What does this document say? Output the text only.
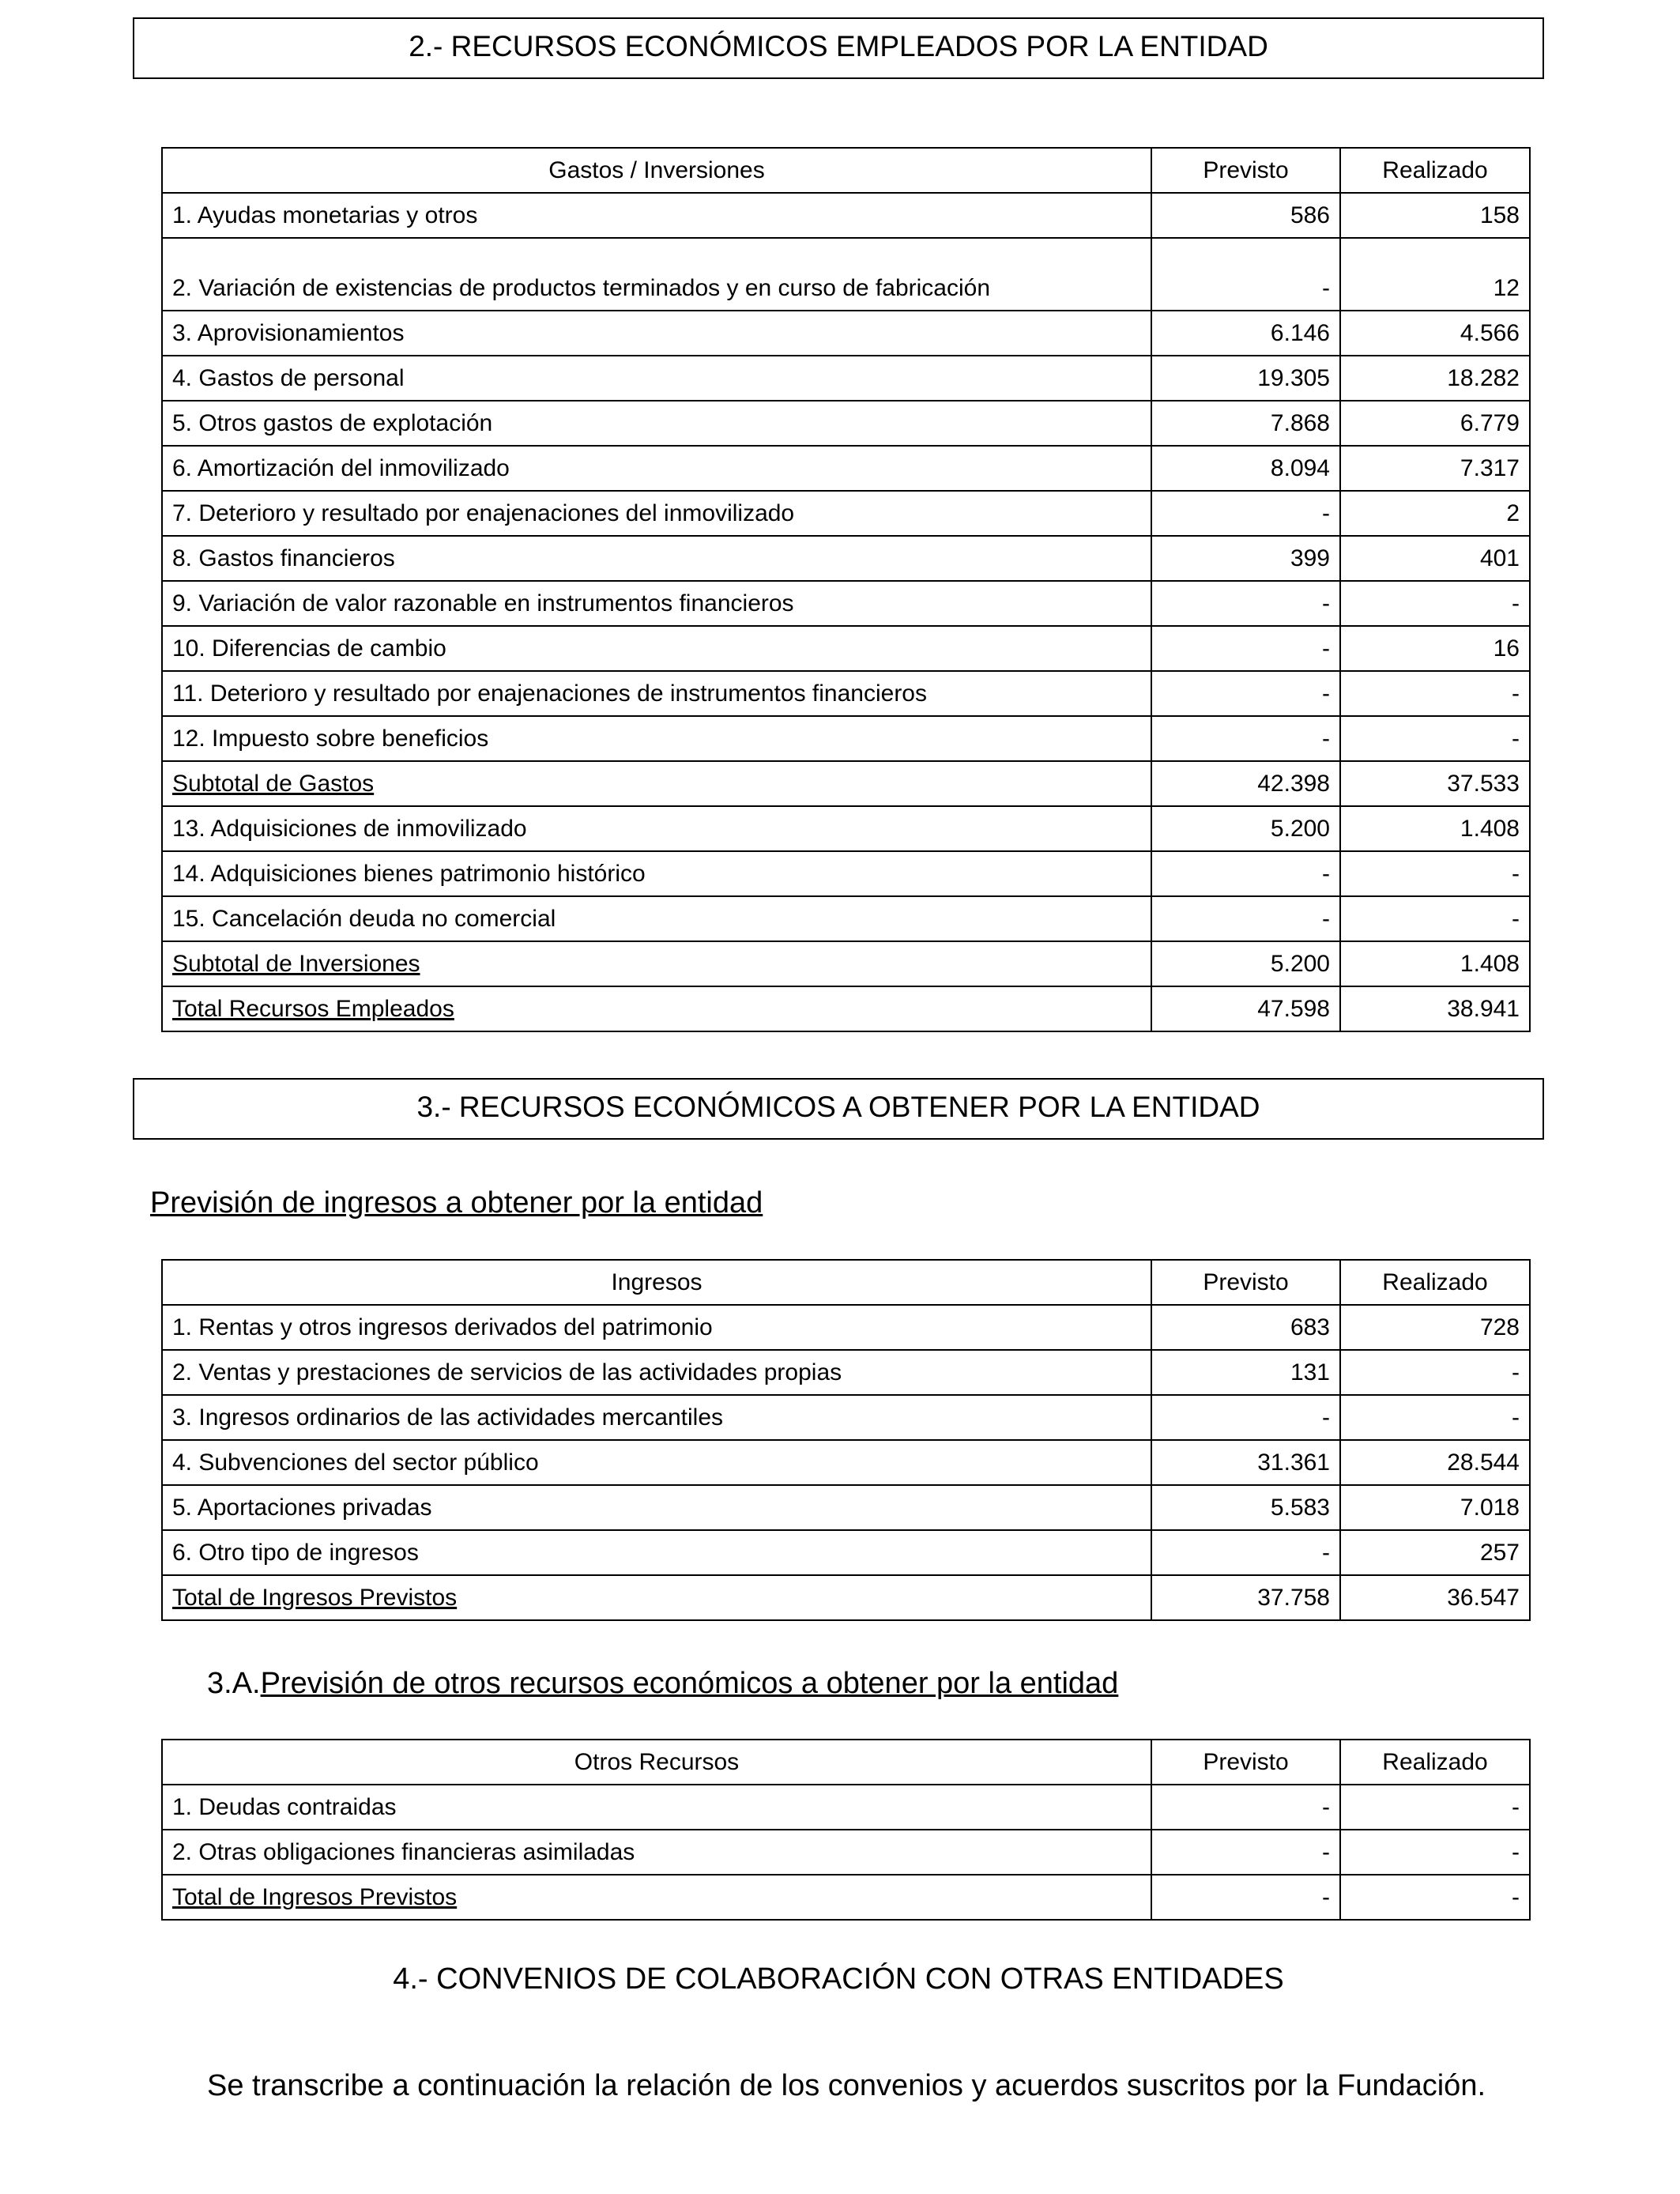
2.- RECURSOS ECONÓMICOS EMPLEADOS POR LA ENTIDAD
Gastos / Inversiones	Previsto	Realizado
1. Ayudas monetarias y otros	586	158
2. Variación de existencias de productos terminados y en curso de fabricación	-	12
3. Aprovisionamientos	6.146	4.566
4. Gastos de personal	19.305	18.282
5. Otros gastos de explotación	7.868	6.779
6. Amortización del inmovilizado	8.094	7.317
7. Deterioro y resultado por enajenaciones del inmovilizado	-	2
8. Gastos financieros	399	401
9. Variación de valor razonable en instrumentos financieros	-	-
10. Diferencias de cambio	-	16
11. Deterioro y resultado por enajenaciones de instrumentos financieros	-	-
12. Impuesto sobre beneficios	-	-
Subtotal de Gastos	42.398	37.533
13. Adquisiciones de inmovilizado	5.200	1.408
14. Adquisiciones bienes patrimonio histórico	-	-
15. Cancelación deuda no comercial	-	-
Subtotal de Inversiones	5.200	1.408
Total Recursos Empleados	47.598	38.941
3.- RECURSOS ECONÓMICOS A OBTENER POR LA ENTIDAD
Previsión de ingresos a obtener por la entidad
Ingresos	Previsto	Realizado
1. Rentas y otros ingresos derivados del patrimonio	683	728
2. Ventas y prestaciones de servicios de las actividades propias	131	-
3. Ingresos ordinarios de las actividades mercantiles	-	-
4. Subvenciones del sector público	31.361	28.544
5. Aportaciones privadas	5.583	7.018
6. Otro tipo de ingresos	-	257
Total de Ingresos Previstos	37.758	36.547
3.A.Previsión de otros recursos económicos a obtener por la entidad
Otros Recursos	Previsto	Realizado
1. Deudas contraidas	-	-
2. Otras obligaciones financieras asimiladas	-	-
Total de Ingresos Previstos	-	-
4.- CONVENIOS DE COLABORACIÓN CON OTRAS ENTIDADES
Se transcribe a continuación la relación de los convenios y acuerdos suscritos por la Fundación.
